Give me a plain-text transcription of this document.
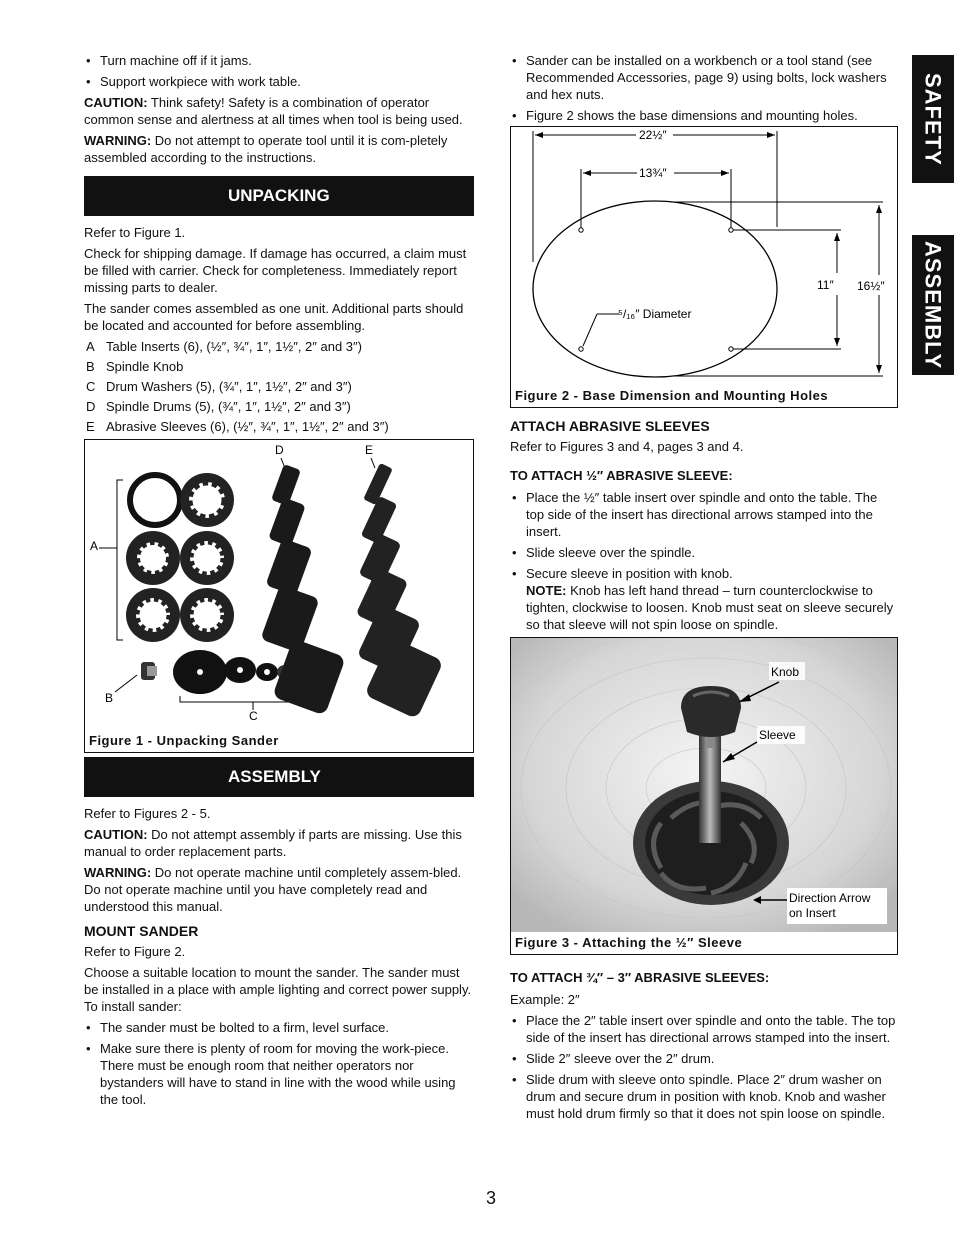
SAFETY
ASSEMBLY
• Turn machine off if it jams.
• Support workpiece with work table.

CAUTION: Think safety! Safety is a combination of operator common sense and alertness at all times when tool is being used.

WARNING: Do not attempt to operate tool until it is com-pletely assembled according to the instructions.

UNPACKING

Refer to Figure 1.

Check for shipping damage. If damage has occurred, a claim must be filled with carrier. Check for completeness. Immediately report missing parts to dealer.

The sander comes assembled as one unit. Additional parts should be located and accounted for before assembling.

A Table Inserts (6), (½″, ¾″, 1″, 1½″, 2″ and 3″)
B Spindle Knob
C Drum Washers (5), (¾″, 1″, 1½″, 2″ and 3″)
D Spindle Drums (5), (¾″, 1″, 1½″, 2″ and 3″)
E Abrasive Sleeves (6), (½″, ¾″, 1″, 1½″, 2″ and 3″)
A
B
C
D	E
Figure 1 - Unpacking Sander
ASSEMBLY

Refer to Figures 2 - 5.

CAUTION: Do not attempt assembly if parts are missing. Use this manual to order replacement parts.

WARNING: Do not operate machine until completely assem-bled. Do not operate machine until you have completely read and understood this manual.

MOUNT SANDER

Refer to Figure 2.

Choose a suitable location to mount the sander. The sander must be installed in a place with ample lighting and correct power supply. To install sander:

• The sander must be bolted to a firm, level surface.
• Make sure there is plenty of room for moving the work-piece. There must be enough room that neither operators nor bystanders will have to stand in line with the wood while using the tool.
• Sander can be installed on a workbench or a tool stand (see Recommended Accessories, page 9) using bolts, lock washers and hex nuts.
• Figure 2 shows the base dimensions and mounting holes.
22½″
13¾″
11″ 16½″
⁵/₁₆″ Diameter
Figure 2 - Base Dimension and Mounting Holes
ATTACH ABRASIVE SLEEVES

Refer to Figures 3 and 4, pages 3 and 4.

TO ATTACH ½″ ABRASIVE SLEEVE:
• Place the ½″ table insert over spindle and onto the table. The top side of the insert has directional arrows stamped into the insert.
• Slide sleeve over the spindle.
• Secure sleeve in position with knob.
NOTE: Knob has left hand thread – turn counterclockwise to tighten, clockwise to loosen. Knob must seat on sleeve securely so that sleeve will not spin loose on spindle.
Knob
Sleeve
Direction Arrow
on Insert
Figure 3 - Attaching the ½″ Sleeve
TO ATTACH ¾″ – 3″ ABRASIVE SLEEVES:

Example: 2″

• Place the 2″ table insert over spindle and onto the table. The top side of the insert has directional arrows stamped into the insert.
• Slide 2″ sleeve over the 2″ drum.
• Slide drum with sleeve onto spindle. Place 2″ drum washer on drum and secure drum in position with knob. Knob and washer must hold drum firmly so that it does not spin loose on spindle.
3
